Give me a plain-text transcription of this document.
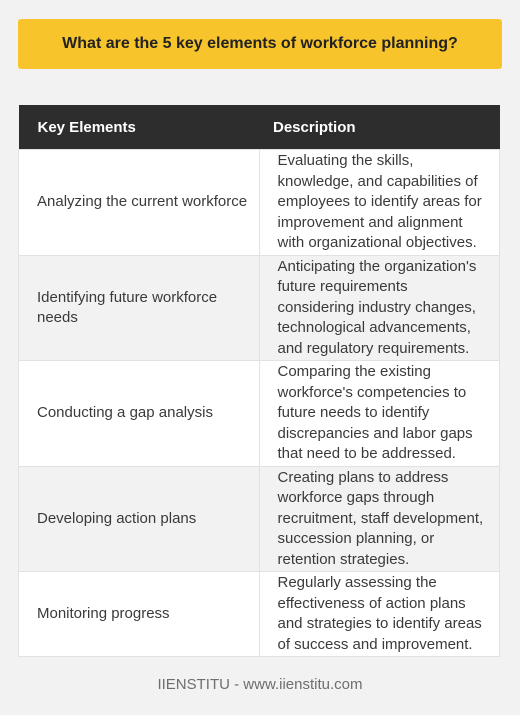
What are the 5 key elements of workforce planning?
Key Elements	Description
Analyzing the current workforce	Evaluating the skills, knowledge, and capabilities of employees to identify areas for improvement and alignment with organizational objectives.
Identifying future workforce needs	Anticipating the organization's future requirements considering industry changes, technological advancements, and regulatory requirements.
Conducting a gap analysis	Comparing the existing workforce's competencies to future needs to identify discrepancies and labor gaps that need to be addressed.
Developing action plans	Creating plans to address workforce gaps through recruitment, staff development, succession planning, or retention strategies.
Monitoring progress	Regularly assessing the effectiveness of action plans and strategies to identify areas of success and improvement.
IIENSTITU - www.iienstitu.com
